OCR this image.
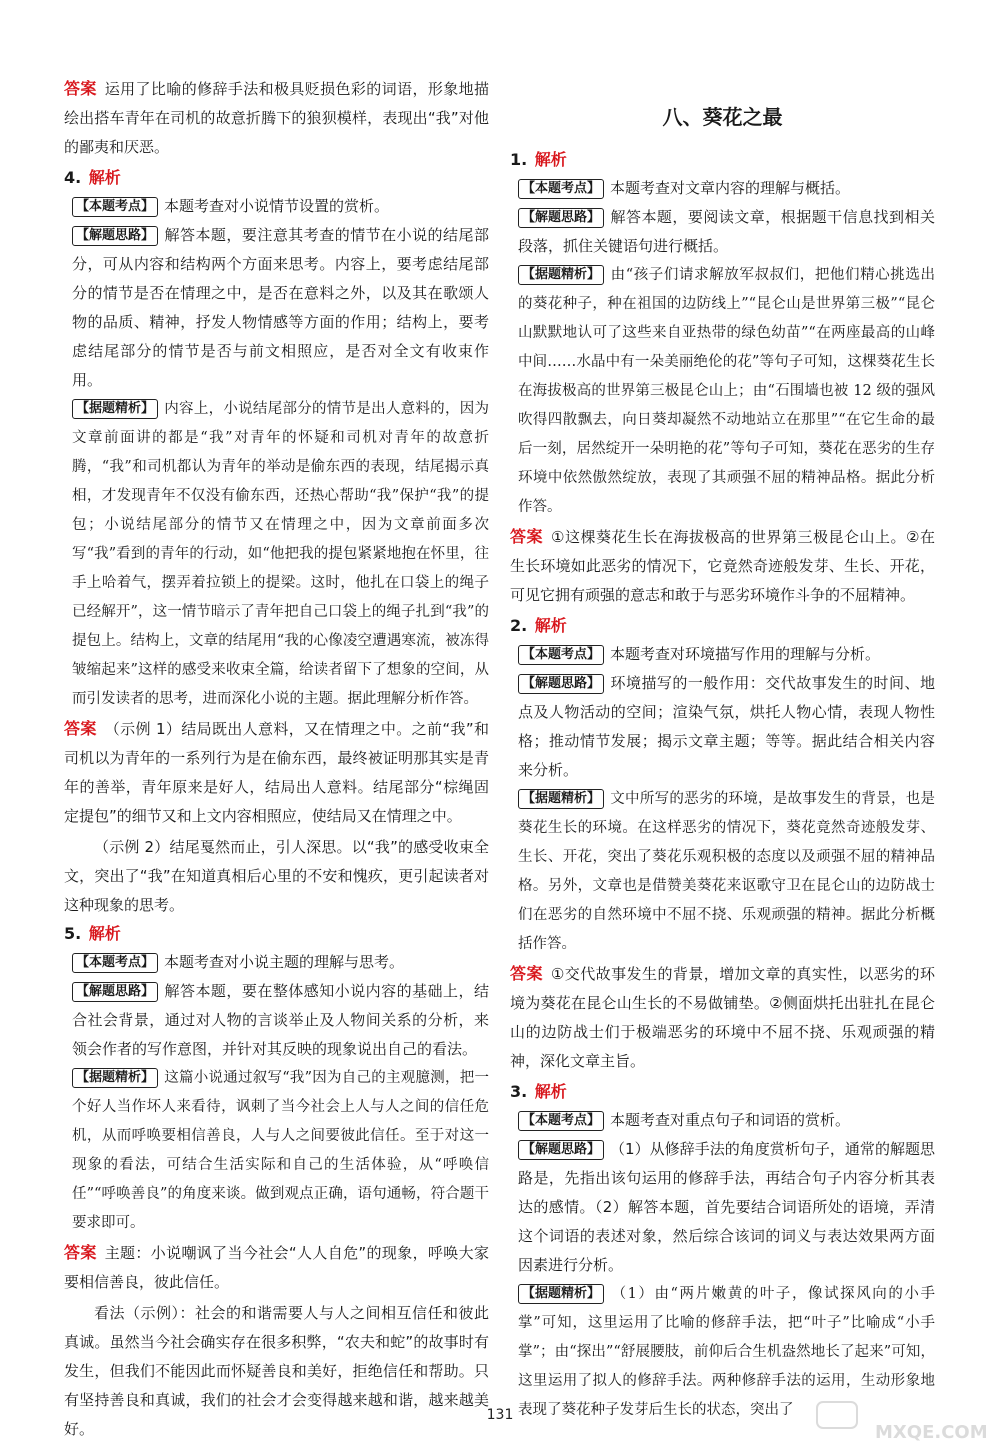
答案 运用了比喻的修辞手法和极具贬损色彩的词语，形象地描绘出搭车青年在司机的故意折腾下的狼狈模样，表现出“我”对他的鄙夷和厌恶。

4. 解析

【本题考点】 本题考查对小说情节设置的赏析。

【解题思路】 解答本题，要注意其考查的情节在小说的结尾部分，可从内容和结构两个方面来思考。内容上，要考虑结尾部分的情节是否在情理之中，是否在意料之外，以及其在歌颂人物的品质、精神，抒发人物情感等方面的作用；结构上，要考虑结尾部分的情节是否与前文相照应，是否对全文有收束作用。

【据题精析】 内容上，小说结尾部分的情节是出人意料的，因为文章前面讲的都是“我”对青年的怀疑和司机对青年的故意折腾，“我”和司机都认为青年的举动是偷东西的表现，结尾揭示真相，才发现青年不仅没有偷东西，还热心帮助“我”保护“我”的提包；小说结尾部分的情节又在情理之中，因为文章前面多次写“我”看到的青年的行动，如“他把我的提包紧紧地抱在怀里，往手上哈着气，摆弄着拉锁上的提梁。这时，他扎在口袋上的绳子已经解开”，这一情节暗示了青年把自己口袋上的绳子扎到“我”的提包上。结构上，文章的结尾用“我的心像凌空遭遇寒流，被冻得皱缩起来”这样的感受来收束全篇，给读者留下了想象的空间，从而引发读者的思考，进而深化小说的主题。据此理解分析作答。

答案 （示例 1）结局既出人意料，又在情理之中。之前“我”和司机以为青年的一系列行为是在偷东西，最终被证明那其实是青年的善举，青年原来是好人，结局出人意料。结尾部分“棕绳固定提包”的细节又和上文内容相照应，使结局又在情理之中。

（示例 2）结尾戛然而止，引人深思。以“我”的感受收束全文，突出了“我”在知道真相后心里的不安和愧疚，更引起读者对这种现象的思考。

5. 解析

【本题考点】 本题考查对小说主题的理解与思考。

【解题思路】 解答本题，要在整体感知小说内容的基础上，结合社会背景，通过对人物的言谈举止及人物间关系的分析，来领会作者的写作意图，并针对其反映的现象说出自己的看法。

【据题精析】 这篇小说通过叙写“我”因为自己的主观臆测，把一个好人当作坏人来看待，讽刺了当今社会上人与人之间的信任危机，从而呼唤要相信善良，人与人之间要彼此信任。至于对这一现象的看法，可结合生活实际和自己的生活体验，从“呼唤信任”“呼唤善良”的角度来谈。做到观点正确，语句通畅，符合题干要求即可。

答案 主题：小说嘲讽了当今社会“人人自危”的现象，呼唤大家要相信善良，彼此信任。

看法（示例）：社会的和谐需要人与人之间相互信任和彼此真诚。虽然当今社会确实存在很多积弊，“农夫和蛇”的故事时有发生，但我们不能因此而怀疑善良和美好，拒绝信任和帮助。只有坚持善良和真诚，我们的社会才会变得越来越和谐，越来越美好。

八、葵花之最

1. 解析

【本题考点】 本题考查对文章内容的理解与概括。

【解题思路】 解答本题，要阅读文章，根据题干信息找到相关段落，抓住关键语句进行概括。

【据题精析】 由“孩子们请求解放军叔叔们，把他们精心挑选出的葵花种子，种在祖国的边防线上”“昆仑山是世界第三极”“昆仑山默默地认可了这些来自亚热带的绿色幼苗”“在两座最高的山峰中间……水晶中有一朵美丽绝伦的花”等句子可知，这棵葵花生长在海拔极高的世界第三极昆仑山上；由“石围墙也被 12 级的强风吹得四散飘去，向日葵却凝然不动地站立在那里”“在它生命的最后一刻，居然绽开一朵明艳的花”等句子可知，葵花在恶劣的生存环境中依然傲然绽放，表现了其顽强不屈的精神品格。据此分析作答。

答案 ①这棵葵花生长在海拔极高的世界第三极昆仑山上。②在生长环境如此恶劣的情况下，它竟然奇迹般发芽、生长、开花，可见它拥有顽强的意志和敢于与恶劣环境作斗争的不屈精神。

2. 解析

【本题考点】 本题考查对环境描写作用的理解与分析。

【解题思路】 环境描写的一般作用：交代故事发生的时间、地点及人物活动的空间；渲染气氛，烘托人物心情，表现人物性格；推动情节发展；揭示文章主题；等等。据此结合相关内容来分析。

【据题精析】 文中所写的恶劣的环境，是故事发生的背景，也是葵花生长的环境。在这样恶劣的情况下，葵花竟然奇迹般发芽、生长、开花，突出了葵花乐观积极的态度以及顽强不屈的精神品格。另外，文章也是借赞美葵花来讴歌守卫在昆仑山的边防战士们在恶劣的自然环境中不屈不挠、乐观顽强的精神。据此分析概括作答。

答案 ①交代故事发生的背景，增加文章的真实性，以恶劣的环境为葵花在昆仑山生长的不易做铺垫。②侧面烘托出驻扎在昆仑山的边防战士们于极端恶劣的环境中不屈不挠、乐观顽强的精神，深化文章主旨。

3. 解析

【本题考点】 本题考查对重点句子和词语的赏析。

【解题思路】 （1）从修辞手法的角度赏析句子，通常的解题思路是，先指出该句运用的修辞手法，再结合句子内容分析其表达的感情。（2）解答本题，首先要结合词语所处的语境，弄清这个词语的表述对象，然后综合该词的词义与表达效果两方面因素进行分析。

【据题精析】 （1）由“两片嫩黄的叶子，像试探风向的小手掌”可知，这里运用了比喻的修辞手法，把“叶子”比喻成“小手掌”；由“探出”“舒展腰肢，前仰后合生机盎然地长了起来”可知，这里运用了拟人的修辞手法。两种修辞手法的运用，生动形象地表现了葵花种子发芽后生长的状态，突出了

131
MXQE.COM
